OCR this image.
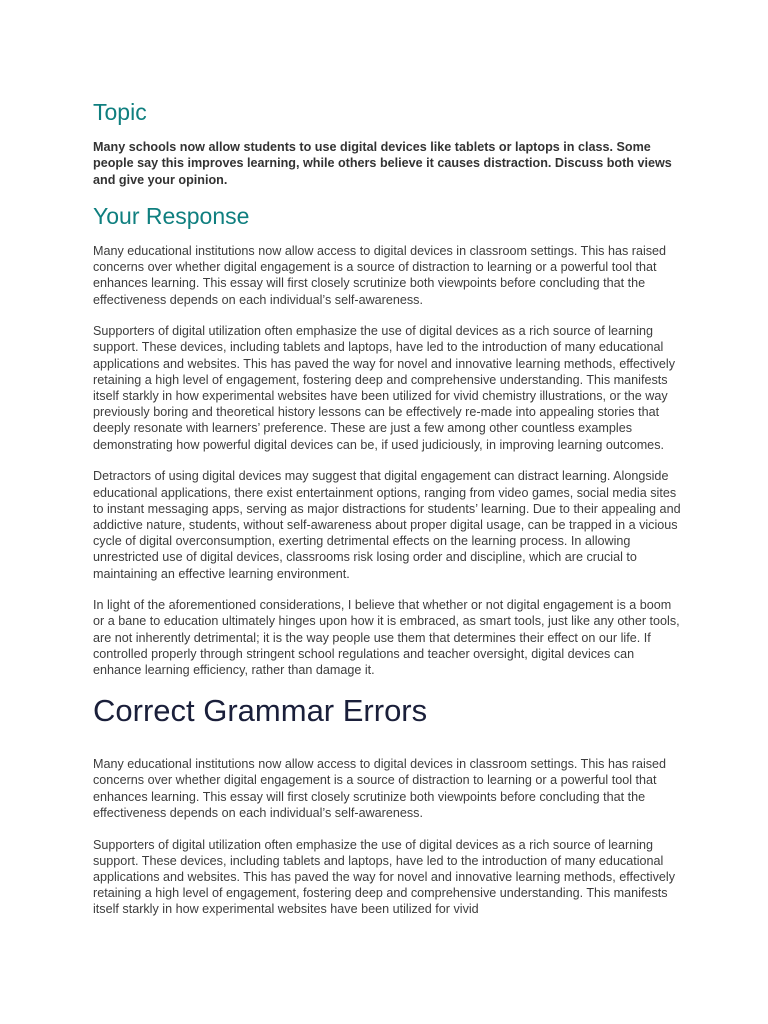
Topic

Many schools now allow students to use digital devices like tablets or laptops in class. Some people say this improves learning, while others believe it causes distraction. Discuss both views and give your opinion.

Your Response

Many educational institutions now allow access to digital devices in classroom settings. This has raised concerns over whether digital engagement is a source of distraction to learning or a powerful tool that enhances learning. This essay will first closely scrutinize both viewpoints before concluding that the effectiveness depends on each individual’s self-awareness.

Supporters of digital utilization often emphasize the use of digital devices as a rich source of learning support. These devices, including tablets and laptops, have led to the introduction of many educational applications and websites. This has paved the way for novel and innovative learning methods, effectively retaining a high level of engagement, fostering deep and comprehensive understanding. This manifests itself starkly in how experimental websites have been utilized for vivid chemistry illustrations, or the way previously boring and theoretical history lessons can be effectively re-made into appealing stories that deeply resonate with learners’ preference. These are just a few among other countless examples demonstrating how powerful digital devices can be, if used judiciously, in improving learning outcomes.

Detractors of using digital devices may suggest that digital engagement can distract learning. Alongside educational applications, there exist entertainment options, ranging from video games, social media sites to instant messaging apps, serving as major distractions for students’ learning. Due to their appealing and addictive nature, students, without self-awareness about proper digital usage, can be trapped in a vicious cycle of digital overconsumption, exerting detrimental effects on the learning process. In allowing unrestricted use of digital devices, classrooms risk losing order and discipline, which are crucial to maintaining an effective learning environment.

In light of the aforementioned considerations, I believe that whether or not digital engagement is a boom or a bane to education ultimately hinges upon how it is embraced, as smart tools, just like any other tools, are not inherently detrimental; it is the way people use them that determines their effect on our life. If controlled properly through stringent school regulations and teacher oversight, digital devices can enhance learning efficiency, rather than damage it.

Correct Grammar Errors

Many educational institutions now allow access to digital devices in classroom settings. This has raised concerns over whether digital engagement is a source of distraction to learning or a powerful tool that enhances learning. This essay will first closely scrutinize both viewpoints before concluding that the effectiveness depends on each individual’s self-awareness.

Supporters of digital utilization often emphasize the use of digital devices as a rich source of learning support. These devices, including tablets and laptops, have led to the introduction of many educational applications and websites. This has paved the way for novel and innovative learning methods, effectively retaining a high level of engagement, fostering deep and comprehensive understanding. This manifests itself starkly in how experimental websites have been utilized for vivid
